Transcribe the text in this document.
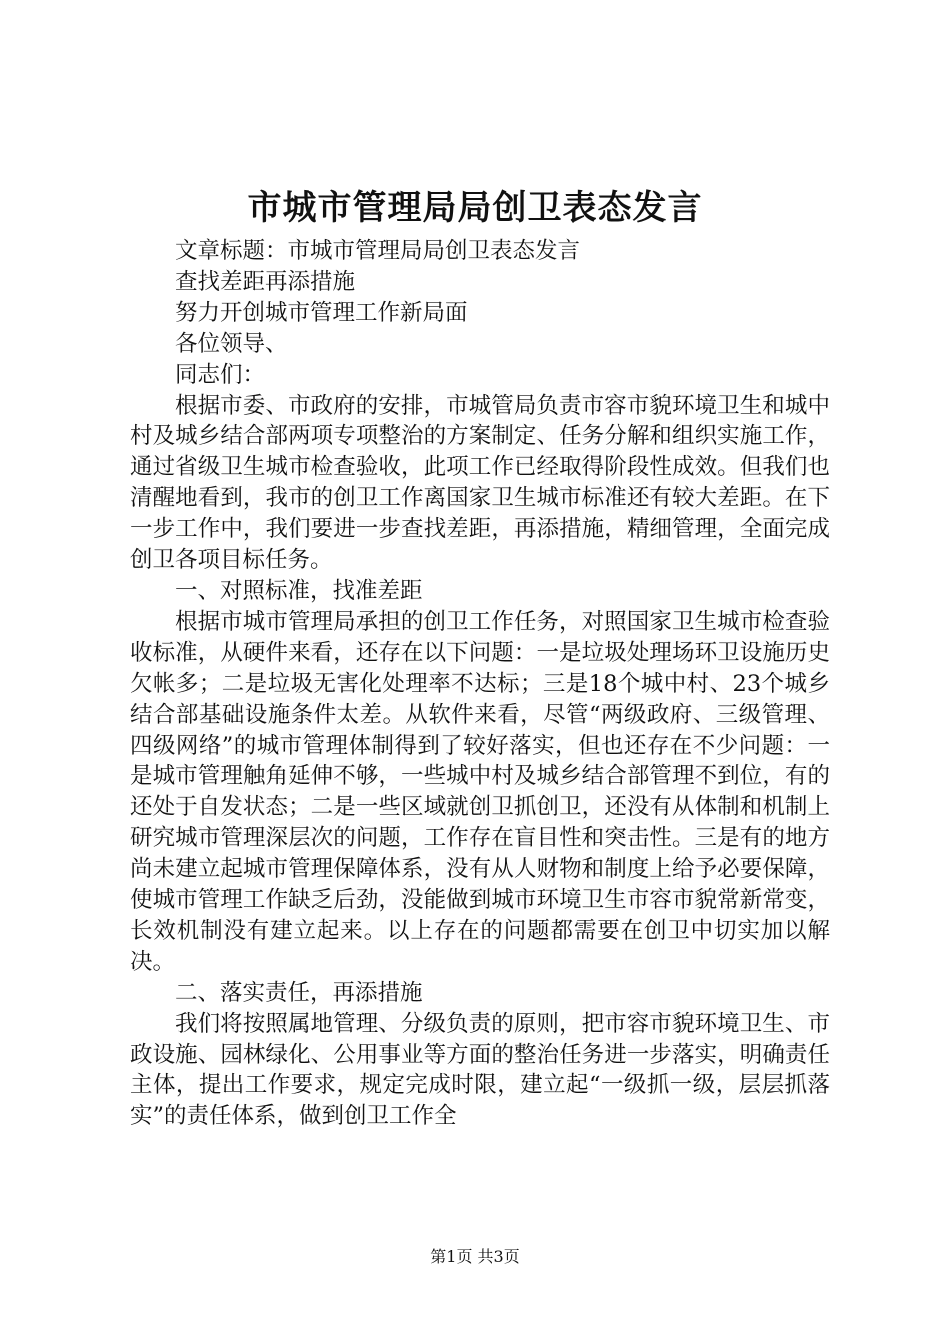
市城市管理局局创卫表态发言

文章标题：市城市管理局局创卫表态发言

查找差距再添措施

努力开创城市管理工作新局面

各位领导、

同志们：

根据市委、市政府的安排，市城管局负责市容市貌环境卫生和城中村及城乡结合部两项专项整治的方案制定、任务分解和组织实施工作，通过省级卫生城市检查验收，此项工作已经取得阶段性成效。但我们也清醒地看到，我市的创卫工作离国家卫生城市标准还有较大差距。在下一步工作中，我们要进一步查找差距，再添措施，精细管理，全面完成创卫各项目标任务。

一、对照标准，找准差距

根据市城市管理局承担的创卫工作任务，对照国家卫生城市检查验收标准，从硬件来看，还存在以下问题：一是垃圾处理场环卫设施历史欠帐多；二是垃圾无害化处理率不达标；三是18个城中村、23个城乡结合部基础设施条件太差。从软件来看，尽管“两级政府、三级管理、四级网络”的城市管理体制得到了较好落实，但也还存在不少问题：一是城市管理触角延伸不够，一些城中村及城乡结合部管理不到位，有的还处于自发状态；二是一些区域就创卫抓创卫，还没有从体制和机制上研究城市管理深层次的问题，工作存在盲目性和突击性。三是有的地方尚未建立起城市管理保障体系，没有从人财物和制度上给予必要保障，使城市管理工作缺乏后劲，没能做到城市环境卫生市容市貌常新常变，长效机制没有建立起来。以上存在的问题都需要在创卫中切实加以解决。

二、落实责任，再添措施

我们将按照属地管理、分级负责的原则，把市容市貌环境卫生、市政设施、园林绿化、公用事业等方面的整治任务进一步落实，明确责任主体，提出工作要求，规定完成时限，建立起“一级抓一级，层层抓落实”的责任体系，做到创卫工作全

第1页 共3页
